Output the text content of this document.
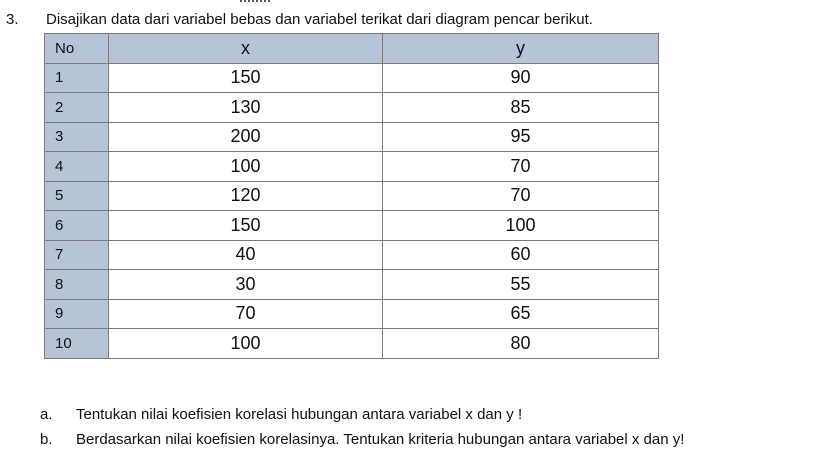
3. Disajikan data dari variabel bebas dan variabel terikat dari diagram pencar berikut.
No	x	y
1	150	90
2	130	85
3	200	95
4	100	70
5	120	70
6	150	100
7	40	60
8	30	55
9	70	65
10	100	80
a. Tentukan nilai koefisien korelasi hubungan antara variabel x dan y !
b. Berdasarkan nilai koefisien korelasinya. Tentukan kriteria hubungan antara variabel x dan y!
